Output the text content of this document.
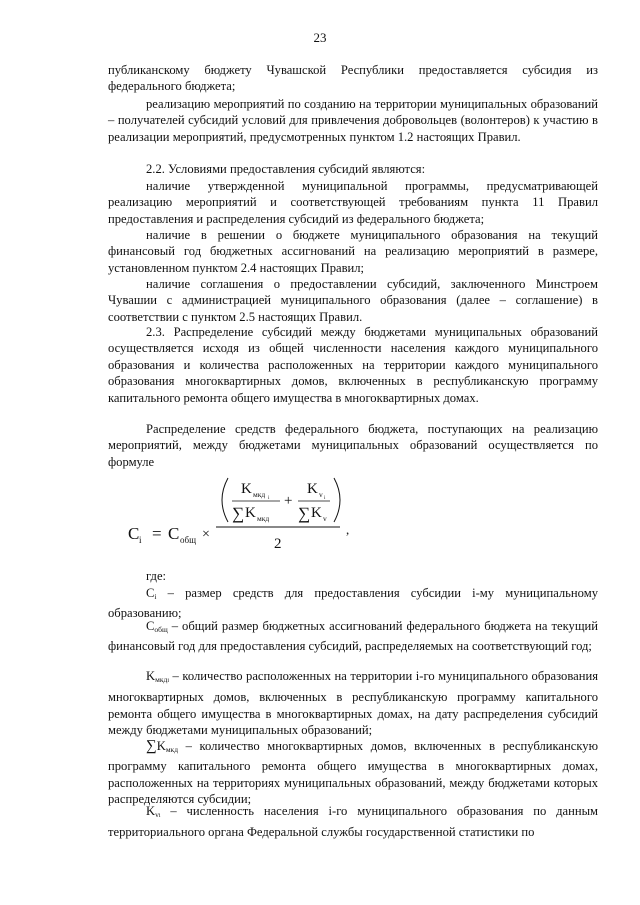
23

публиканскому бюджету Чувашской Республики предоставляется субсидия из федерального бюджета;

реализацию мероприятий по созданию на территории муниципальных образований – получателей субсидий условий для привлечения добровольцев (волонтеров) к участию в реализации мероприятий, предусмотренных пунктом 1.2 настоящих Правил.

2.2. Условиями предоставления субсидий являются:

наличие утвержденной муниципальной программы, предусматривающей реализацию мероприятий и соответствующей требованиям пункта 11 Правил предоставления и распределения субсидий из федерального бюджета;

наличие в решении о бюджете муниципального образования на текущий финансовый год бюджетных ассигнований на реализацию мероприятий в размере, установленном пунктом 2.4 настоящих Правил;

наличие соглашения о предоставлении субсидий, заключенного Минстроем Чувашии с администрацией муниципального образования (далее – соглашение) в соответствии с пунктом 2.5 настоящих Правил.

2.3. Распределение субсидий между бюджетами муниципальных образований осуществляется исходя из общей численности населения каждого муниципального образования и количества расположенных на территории каждого муниципального образования многоквартирных домов, включенных в республиканскую программу капитального ремонта общего имущества в многоквартирных домах.

Распределение средств федерального бюджета, поступающих на реализацию мероприятий, между бюджетами муниципальных образований осуществляется по формуле

C i = C общ ×
K мкд i
∑ K мкд
+
K v i
∑ K v
2
,

где:

$C_i$ – размер средств для предоставления субсидии i-му муниципальному образованию;

$C_{общ}$ – общий размер бюджетных ассигнований федерального бюджета на текущий финансовый год для предоставления субсидий, распределяемых на соответствующий год;

$K_{мкдi}$ – количество расположенных на территории i-го муниципального образования многоквартирных домов, включенных в республиканскую программу капитального ремонта общего имущества в многоквартирных домах, на дату распределения субсидий между бюджетами муниципальных образований;

$\sum K_{мкд}$ – количество многоквартирных домов, включенных в республиканскую программу капитального ремонта общего имущества в многоквартирных домах, расположенных на территориях муниципальных образований, между бюджетами которых распределяются субсидии;

$K_{vi}$ – численность населения i-го муниципального образования по данным территориального органа Федеральной службы государственной статистики по
